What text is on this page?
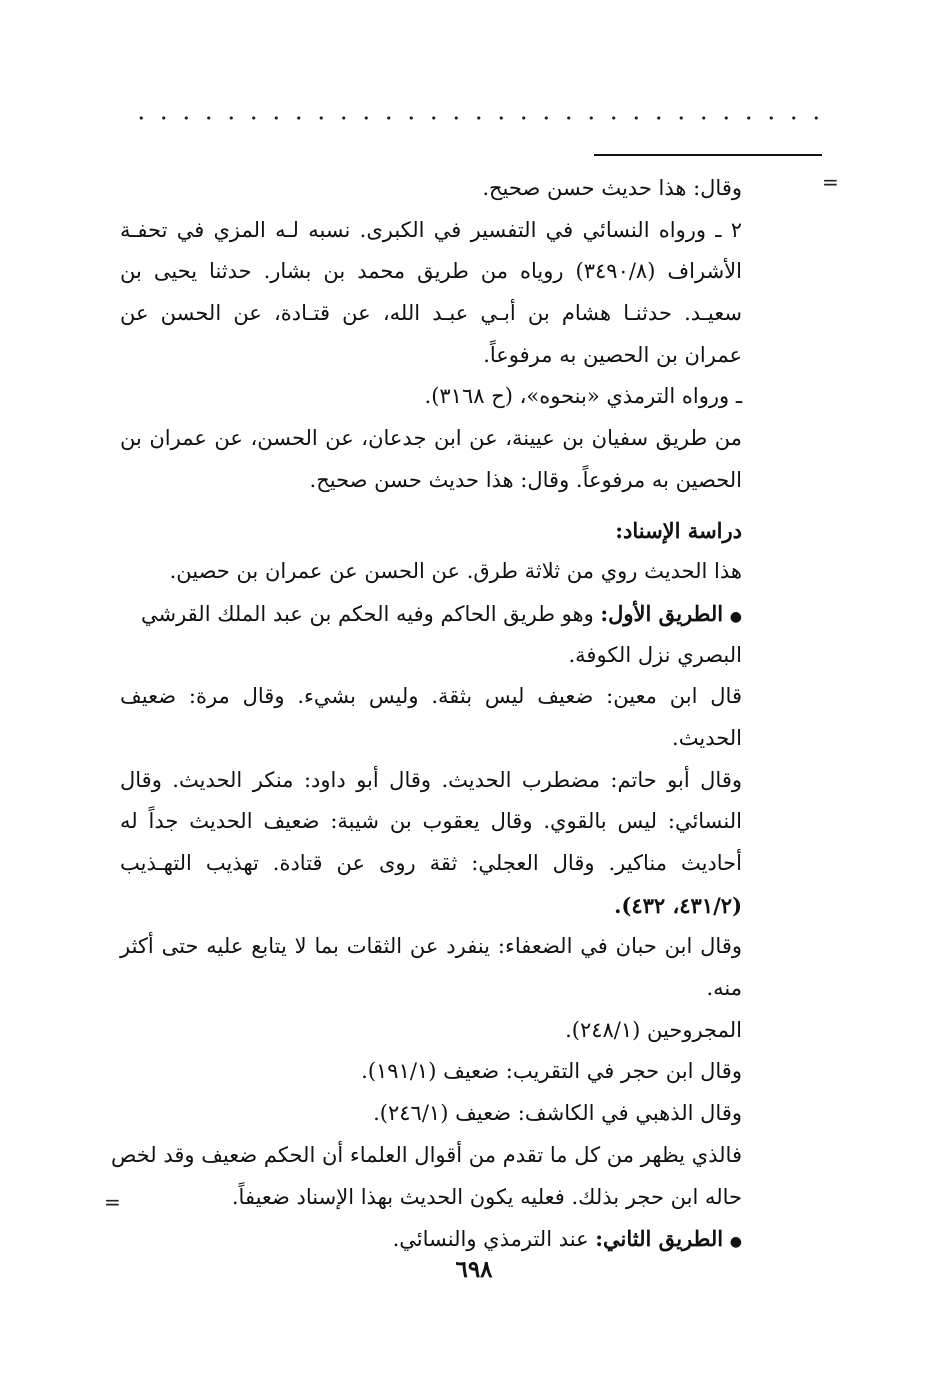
=
=
وقال: هذا حديث حسن صحيح.
٢ ـ ورواه النسائي في التفسير في الكبرى. نسبه لـه المزي في تحفـة
الأشراف (٣٤٩٠/٨) روياه من طريق محمد بن بشار. حدثنا يحيى بن
سعيـد. حدثنـا هشام بن أبـي عبـد الله، عن قتـادة، عن الحسن عن
عمران بن الحصين به مرفوعاً.
ـ ورواه الترمذي «بنحوه»، (ح ٣١٦٨).
من طريق سفيان بن عيينة، عن ابن جدعان، عن الحسن، عن عمران بن
الحصين به مرفوعاً. وقال: هذا حديث حسن صحيح.
دراسة الإسناد:
هذا الحديث روي من ثلاثة طرق. عن الحسن عن عمران بن حصين.
● الطريق الأول: وهو طريق الحاكم وفيه الحكم بن عبد الملك القرشي
البصري نزل الكوفة.
قال ابن معين: ضعيف ليس بثقة. وليس بشيء. وقال مرة: ضعيف
الحديث.
وقال أبو حاتم: مضطرب الحديث. وقال أبو داود: منكر الحديث. وقال
النسائي: ليس بالقوي. وقال يعقوب بن شيبة: ضعيف الحديث جداً له
أحاديث مناكير. وقال العجلي: ثقة روى عن قتادة. تهذيب التهـذيب
(٤٣١/٢، ٤٣٢).
وقال ابن حبان في الضعفاء: ينفرد عن الثقات بما لا يتابع عليه حتى أكثر
منه.
المجروحين (٢٤٨/١).
وقال ابن حجر في التقريب: ضعيف (١٩١/١).
وقال الذهبي في الكاشف: ضعيف (٢٤٦/١).
فالذي يظهر من كل ما تقدم من أقوال العلماء أن الحكم ضعيف وقد لخص
حاله ابن حجر بذلك. فعليه يكون الحديث بهذا الإسناد ضعيفاً.
● الطريق الثاني: عند الترمذي والنسائي.
٦٩٨
